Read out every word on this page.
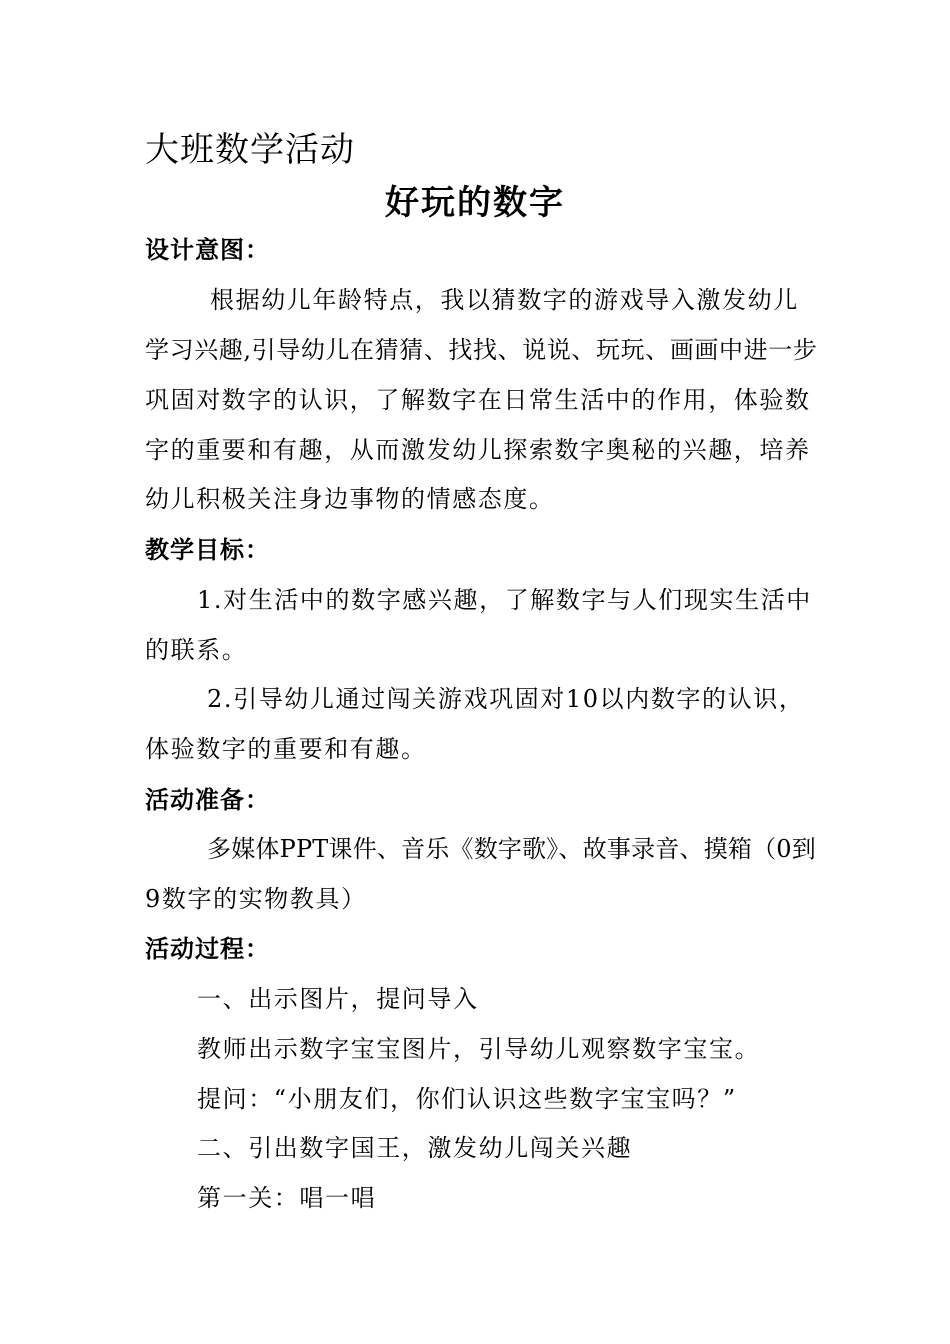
大班数学活动
好玩的数字
设计意图：
根据幼儿年龄特点，我以猜数字的游戏导入激发幼儿
学习兴趣,引导幼儿在猜猜、找找、说说、玩玩、画画中进一步
巩固对数字的认识，了解数字在日常生活中的作用，体验数
字的重要和有趣，从而激发幼儿探索数字奥秘的兴趣，培养
幼儿积极关注身边事物的情感态度。
教学目标：
1.对生活中的数字感兴趣，了解数字与人们现实生活中
的联系。
2.引导幼儿通过闯关游戏巩固对10以内数字的认识，
体验数字的重要和有趣。
活动准备：
多媒体PPT课件、音乐《数字歌》、故事录音、摸箱（0到
9数字的实物教具）
活动过程：
一、出示图片，提问导入
教师出示数字宝宝图片，引导幼儿观察数字宝宝。
提问：“小朋友们，你们认识这些数字宝宝吗？”
二、引出数字国王，激发幼儿闯关兴趣
第一关：唱一唱
